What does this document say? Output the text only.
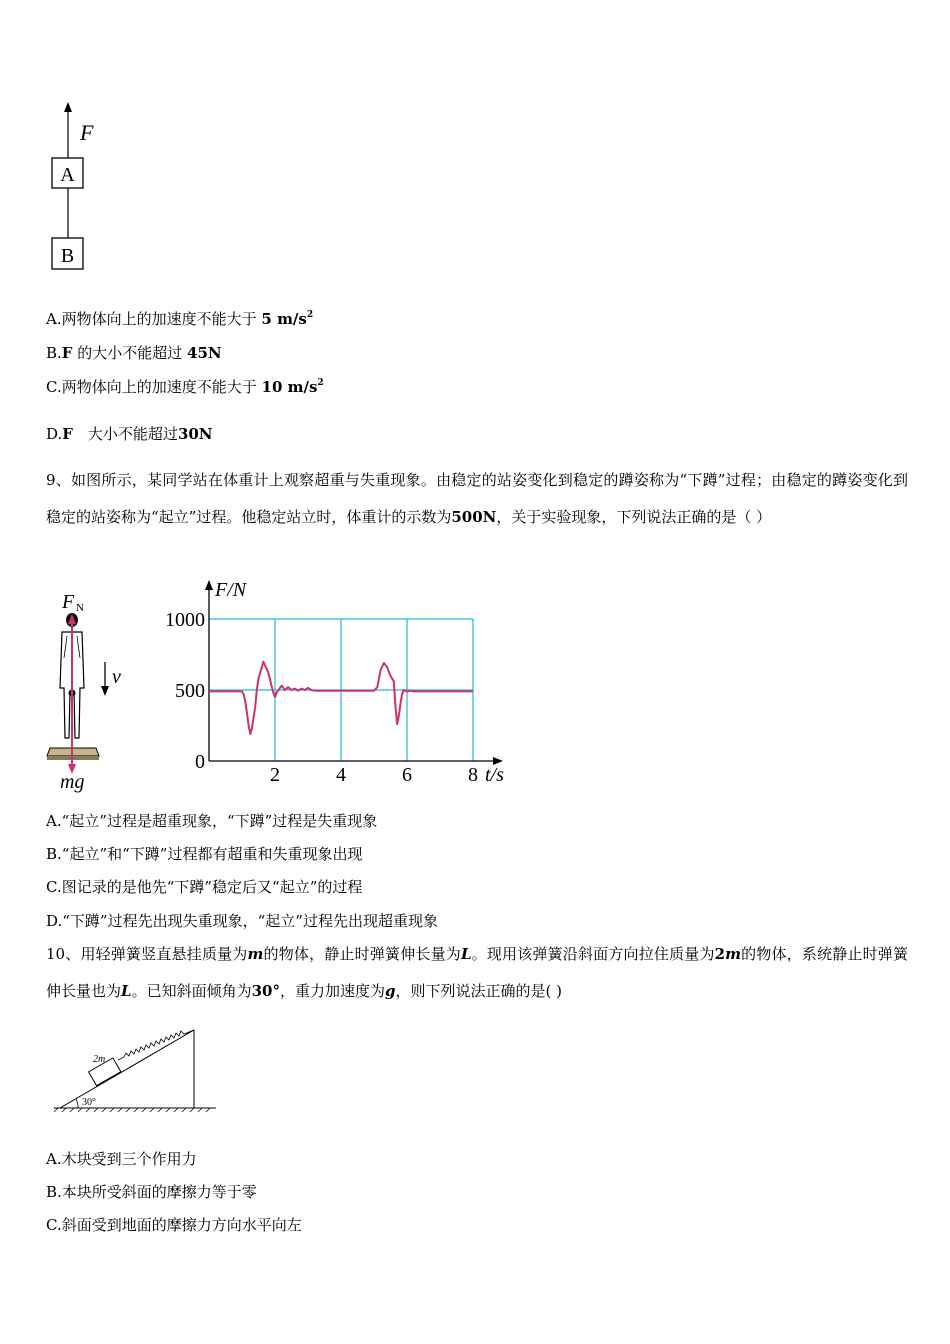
F
A
B
A.两物体向上的加速度不能大于 5 $m/s^2$
B.F 的大小不能超过 45N
C.两物体向上的加速度不能大于 10 $m/s^2$
D.F　大小不能超过30N
9、如图所示，某同学站在体重计上观察超重与失重现象。由稳定的站姿变化到稳定的蹲姿称为“下蹲”过程；由稳定的蹲姿变化到稳定的站姿称为“起立”过程。他稳定站立时，体重计的示数为500N，关于实验现象，下列说法正确的是（ ）
F N
v
mg	2	4	6	8
1000
500
0
F/N
t/s
A.“起立”过程是超重现象，“下蹲”过程是失重现象
B.“起立”和“下蹲”过程都有超重和失重现象出现
C.图记录的是他先“下蹲”稳定后又“起立”的过程
D.“下蹲”过程先出现失重现象，“起立”过程先出现超重现象
10、用轻弹簧竖直悬挂质量为m的物体，静止时弹簧伸长量为L。现用该弹簧沿斜面方向拉住质量为2m的物体，系统静止时弹簧伸长量也为L。已知斜面倾角为30°，重力加速度为g，则下列说法正确的是( )
2m
30°
A.木块受到三个作用力
B.本块所受斜面的摩擦力等于零
C.斜面受到地面的摩擦力方向水平向左
